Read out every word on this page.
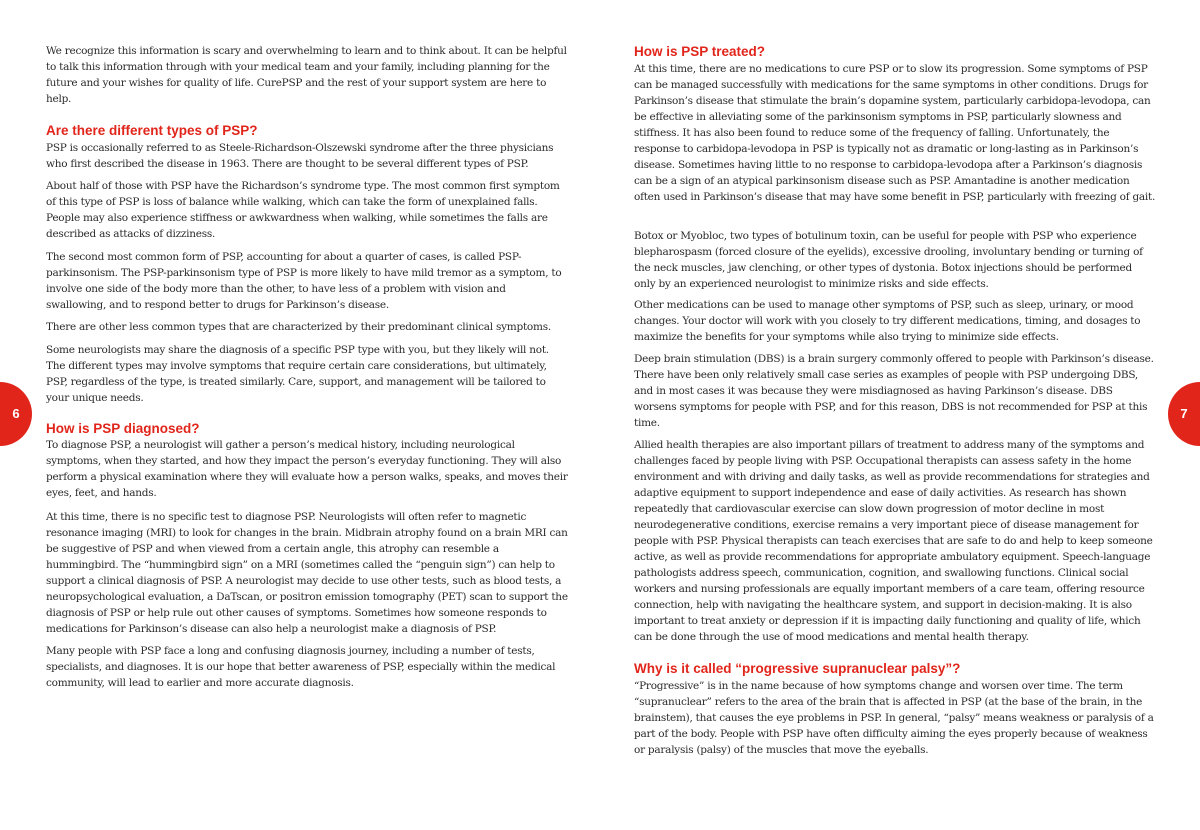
6	7

We recognize this information is scary and overwhelming to learn and to think about. It can be helpful to talk this information through with your medical team and your family, including planning for the future and your wishes for quality of life. CurePSP and the rest of your support system are here to help.

Are there different types of PSP?

PSP is occasionally referred to as Steele-Richardson-Olszewski syndrome after the three physicians who first described the disease in 1963. There are thought to be several different types of PSP.

About half of those with PSP have the Richardson’s syndrome type. The most common first symptom of this type of PSP is loss of balance while walking, which can take the form of unexplained falls. People may also experience stiffness or awkwardness when walking, while sometimes the falls are described as attacks of dizziness.

The second most common form of PSP, accounting for about a quarter of cases, is called PSP-parkinsonism. The PSP-parkinsonism type of PSP is more likely to have mild tremor as a symptom, to involve one side of the body more than the other, to have less of a problem with vision and swallowing, and to respond better to drugs for Parkinson’s disease.

There are other less common types that are characterized by their predominant clinical symptoms.

Some neurologists may share the diagnosis of a specific PSP type with you, but they likely will not. The different types may involve symptoms that require certain care considerations, but ultimately, PSP, regardless of the type, is treated similarly. Care, support, and management will be tailored to your unique needs.

How is PSP diagnosed?

To diagnose PSP, a neurologist will gather a person’s medical history, including neurological symptoms, when they started, and how they impact the person’s everyday functioning. They will also perform a physical examination where they will evaluate how a person walks, speaks, and moves their eyes, feet, and hands.

At this time, there is no specific test to diagnose PSP. Neurologists will often refer to magnetic resonance imaging (MRI) to look for changes in the brain. Midbrain atrophy found on a brain MRI can be suggestive of PSP and when viewed from a certain angle, this atrophy can resemble a hummingbird. The “hummingbird sign” on a MRI (sometimes called the “penguin sign”) can help to support a clinical diagnosis of PSP. A neurologist may decide to use other tests, such as blood tests, a neuropsychological evaluation, a DaTscan, or positron emission tomography (PET) scan to support the diagnosis of PSP or help rule out other causes of symptoms. Sometimes how someone responds to medications for Parkinson’s disease can also help a neurologist make a diagnosis of PSP.

Many people with PSP face a long and confusing diagnosis journey, including a number of tests, specialists, and diagnoses. It is our hope that better awareness of PSP, especially within the medical community, will lead to earlier and more accurate diagnosis.

How is PSP treated?

At this time, there are no medications to cure PSP or to slow its progression. Some symptoms of PSP can be managed successfully with medications for the same symptoms in other conditions. Drugs for Parkinson’s disease that stimulate the brain’s dopamine system, particularly carbidopa-levodopa, can be effective in alleviating some of the parkinsonism symptoms in PSP, particularly slowness and stiffness. It has also been found to reduce some of the frequency of falling. Unfortunately, the response to carbidopa-levodopa in PSP is typically not as dramatic or long-lasting as in Parkinson’s disease. Sometimes having little to no response to carbidopa-levodopa after a Parkinson’s diagnosis can be a sign of an atypical parkinsonism disease such as PSP. Amantadine is another medication often used in Parkinson’s disease that may have some benefit in PSP, particularly with freezing of gait.

Botox or Myobloc, two types of botulinum toxin, can be useful for people with PSP who experience blepharospasm (forced closure of the eyelids), excessive drooling, involuntary bending or turning of the neck muscles, jaw clenching, or other types of dystonia. Botox injections should be performed only by an experienced neurologist to minimize risks and side effects.

Other medications can be used to manage other symptoms of PSP, such as sleep, urinary, or mood changes. Your doctor will work with you closely to try different medications, timing, and dosages to maximize the benefits for your symptoms while also trying to minimize side effects.

Deep brain stimulation (DBS) is a brain surgery commonly offered to people with Parkinson’s disease. There have been only relatively small case series as examples of people with PSP undergoing DBS, and in most cases it was because they were misdiagnosed as having Parkinson’s disease. DBS worsens symptoms for people with PSP, and for this reason, DBS is not recommended for PSP at this time.

Allied health therapies are also important pillars of treatment to address many of the symptoms and challenges faced by people living with PSP. Occupational therapists can assess safety in the home environment and with driving and daily tasks, as well as provide recommendations for strategies and adaptive equipment to support independence and ease of daily activities. As research has shown repeatedly that cardiovascular exercise can slow down progression of motor decline in most neurodegenerative conditions, exercise remains a very important piece of disease management for people with PSP. Physical therapists can teach exercises that are safe to do and help to keep someone active, as well as provide recommendations for appropriate ambulatory equipment. Speech-language pathologists address speech, communication, cognition, and swallowing functions. Clinical social workers and nursing professionals are equally important members of a care team, offering resource connection, help with navigating the healthcare system, and support in decision-making. It is also important to treat anxiety or depression if it is impacting daily functioning and quality of life, which can be done through the use of mood medications and mental health therapy.

Why is it called “progressive supranuclear palsy”?

“Progressive” is in the name because of how symptoms change and worsen over time. The term “supranuclear” refers to the area of the brain that is affected in PSP (at the base of the brain, in the brainstem), that causes the eye problems in PSP. In general, “palsy” means weakness or paralysis of a part of the body. People with PSP have often difficulty aiming the eyes properly because of weakness or paralysis (palsy) of the muscles that move the eyeballs.
